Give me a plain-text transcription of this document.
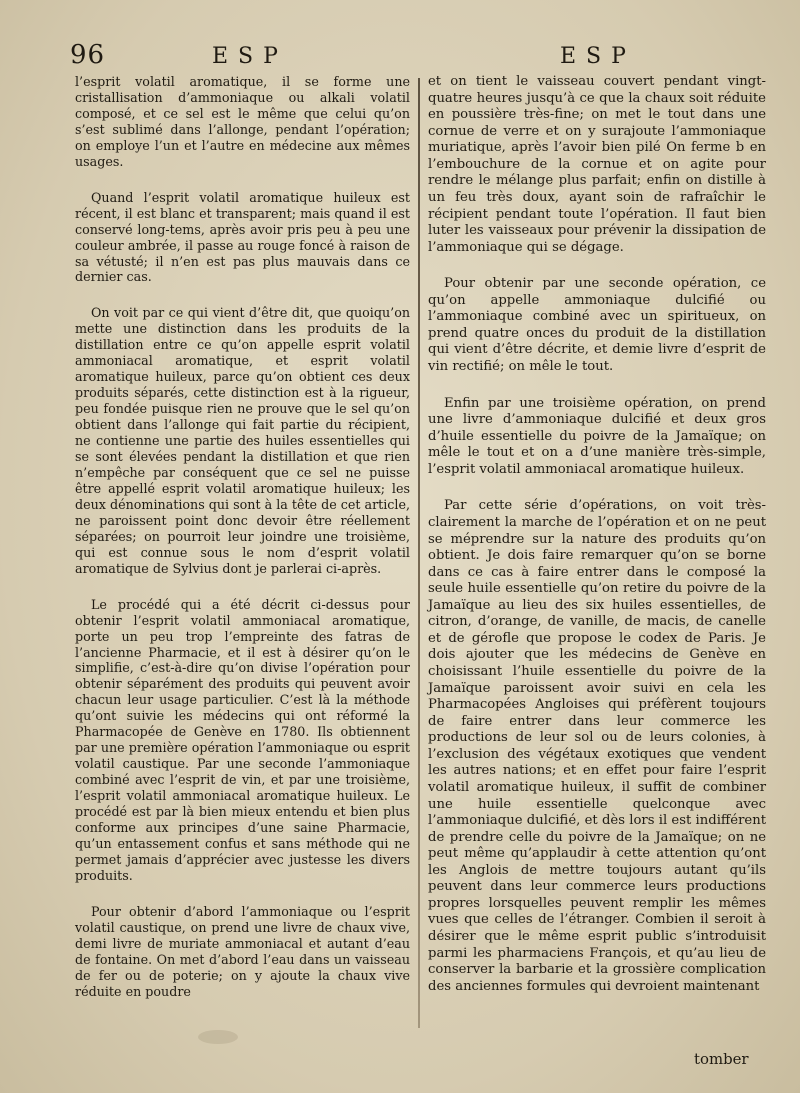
96	ESP	ESP

l’esprit volatil aromatique, il se forme une cristallisation d’ammoniaque ou alkali volatil composé, et ce sel est le même que celui qu’on s’est sublimé dans l’allonge, pendant l’opération; on employe l’un et l’autre en médecine aux mêmes usages.

Quand l’esprit volatil aromatique huileux est récent, il est blanc et transparent; mais quand il est conservé long-tems, après avoir pris peu à peu une couleur ambrée, il passe au rouge foncé à raison de sa vétusté; il n’en est pas plus mauvais dans ce dernier cas.

On voit par ce qui vient d’être dit, que quoiqu’on mette une distinction dans les produits de la distillation entre ce qu’on appelle esprit volatil ammoniacal aromatique, et esprit volatil aromatique huileux, parce qu’on obtient ces deux produits séparés, cette distinction est à la rigueur, peu fondée puisque rien ne prouve que le sel qu’on obtient dans l’allonge qui fait partie du récipient, ne contienne une partie des huiles essentielles qui se sont élevées pendant la distillation et que rien n’empêche par conséquent que ce sel ne puisse être appellé esprit volatil aromatique huileux; les deux dénominations qui sont à la tête de cet article, ne paroissent point donc devoir être réellement séparées; on pourroit leur joindre une troisième, qui est connue sous le nom d’esprit volatil aromatique de Sylvius dont je parlerai ci-après.

Le procédé qui a été décrit ci-dessus pour obtenir l’esprit volatil ammoniacal aromatique, porte un peu trop l’empreinte des fatras de l’ancienne Pharmacie, et il est à désirer qu’on le simplifie, c’est-à-dire qu’on divise l’opération pour obtenir séparément des produits qui peuvent avoir chacun leur usage particulier. C’est là la méthode qu’ont suivie les médecins qui ont réformé la Pharmacopée de Genève en 1780. Ils obtiennent par une première opération l’ammoniaque ou esprit volatil caustique. Par une seconde l’ammoniaque combiné avec l’esprit de vin, et par une troisième, l’esprit volatil ammoniacal aromatique huileux. Le procédé est par là bien mieux entendu et bien plus conforme aux principes d’une saine Pharmacie, qu’un entassement confus et sans méthode qui ne permet jamais d’apprécier avec justesse les divers produits.

Pour obtenir d’abord l’ammoniaque ou l’esprit volatil caustique, on prend une livre de chaux vive, demi livre de muriate ammoniacal et autant d’eau de fontaine. On met d’abord l’eau dans un vaisseau de fer ou de poterie; on y ajoute la chaux vive réduite en poudre

et on tient le vaisseau couvert pendant vingt-quatre heures jusqu’à ce que la chaux soit réduite en poussière très-fine; on met le tout dans une cornue de verre et on y surajoute l’ammoniaque muriatique, après l’avoir bien pilé On ferme b en l’embouchure de la cornue et on agite pour rendre le mélange plus parfait; enfin on distille à un feu très doux, ayant soin de rafraîchir le récipient pendant toute l’opération. Il faut bien luter les vaisseaux pour prévenir la dissipation de l’ammoniaque qui se dégage.

Pour obtenir par une seconde opération, ce qu’on appelle ammoniaque dulcifié ou l’ammoniaque combiné avec un spiritueux, on prend quatre onces du produit de la distillation qui vient d’être décrite, et demie livre d’esprit de vin rectifié; on mêle le tout.

Enfin par une troisième opération, on prend une livre d’ammoniaque dulcifié et deux gros d’huile essentielle du poivre de la Jamaïque; on mêle le tout et on a d’une manière très-simple, l’esprit volatil ammoniacal aromatique huileux.

Par cette série d’opérations, on voit très-clairement la marche de l’opération et on ne peut se méprendre sur la nature des produits qu’on obtient. Je dois faire remarquer qu’on se borne dans ce cas à faire entrer dans le composé la seule huile essentielle qu’on retire du poivre de la Jamaïque au lieu des six huiles essentielles, de citron, d’orange, de vanille, de macis, de canelle et de gérofle que propose le codex de Paris. Je dois ajouter que les médecins de Genève en choisissant l’huile essentielle du poivre de la Jamaïque paroissent avoir suivi en cela les Pharmacopées Angloises qui préfèrent toujours de faire entrer dans leur commerce les productions de leur sol ou de leurs colonies, à l’exclusion des végétaux exotiques que vendent les autres nations; et en effet pour faire l’esprit volatil aromatique huileux, il suffit de combiner une huile essentielle quelconque avec l’ammoniaque dulcifié, et dès lors il est indifférent de prendre celle du poivre de la Jamaïque; on ne peut même qu’applaudir à cette attention qu’ont les Anglois de mettre toujours autant qu’ils peuvent dans leur commerce leurs productions propres lorsquelles peuvent remplir les mêmes vues que celles de l’étranger. Combien il seroit à désirer que le même esprit public s’introduisit parmi les pharmaciens François, et qu’au lieu de conserver la barbarie et la grossière complication des anciennes formules qui devroient maintenant

tomber
